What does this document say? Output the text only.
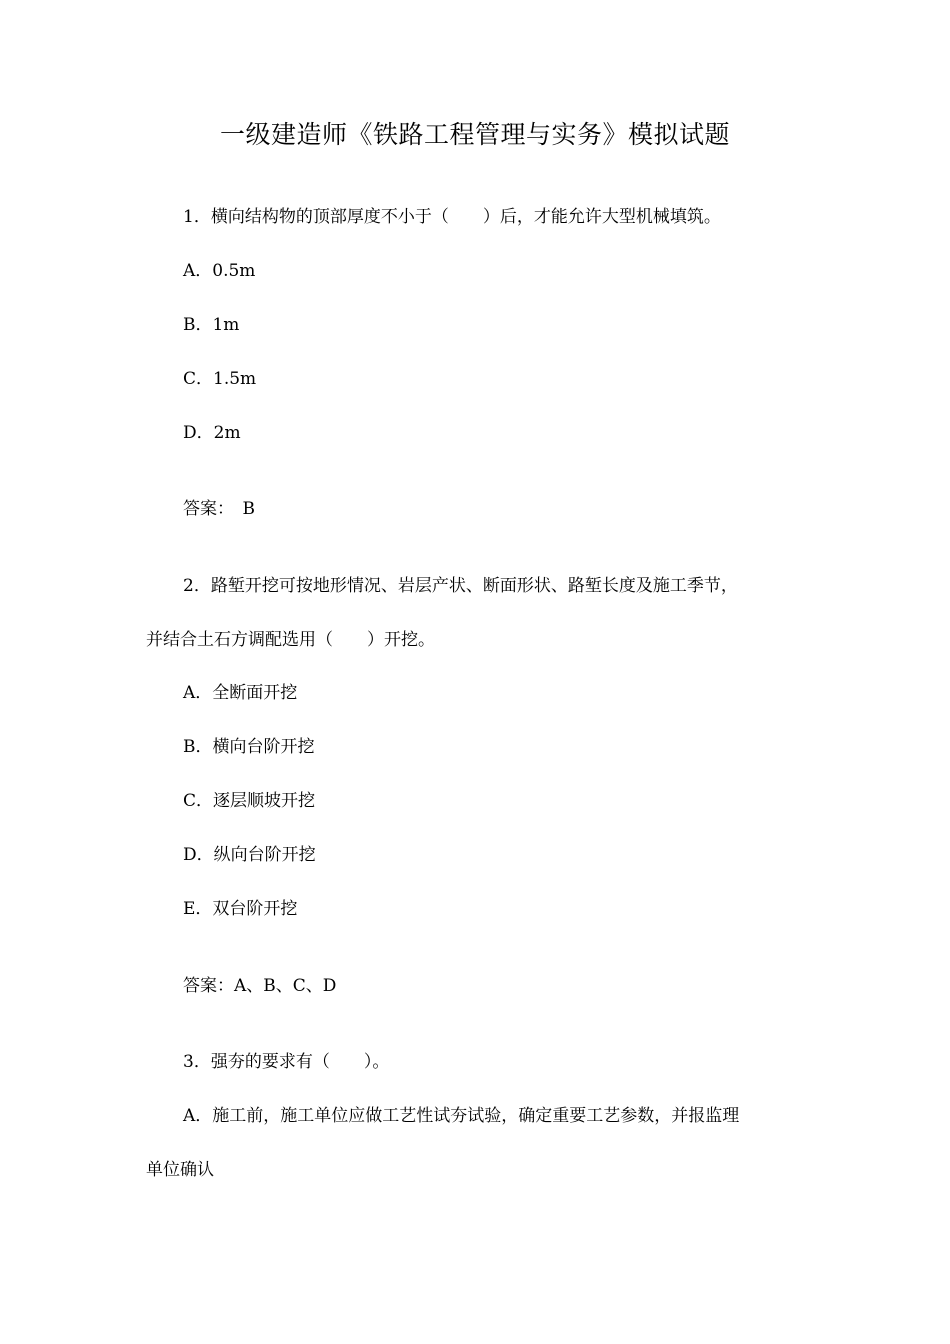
一级建造师《铁路工程管理与实务》模拟试题
1．横向结构物的顶部厚度不小于（　　）后，才能允许大型机械填筑。
A．0.5m
B．1m
C．1.5m
D．2m
答案：　B
2．路堑开挖可按地形情况、岩层产状、断面形状、路堑长度及施工季节，
并结合土石方调配选用（　　）开挖。
A．全断面开挖
B．横向台阶开挖
C．逐层顺坡开挖
D．纵向台阶开挖
E．双台阶开挖
答案：A、B、C、D
3．强夯的要求有（　　）。
A．施工前，施工单位应做工艺性试夯试验，确定重要工艺参数，并报监理
单位确认
